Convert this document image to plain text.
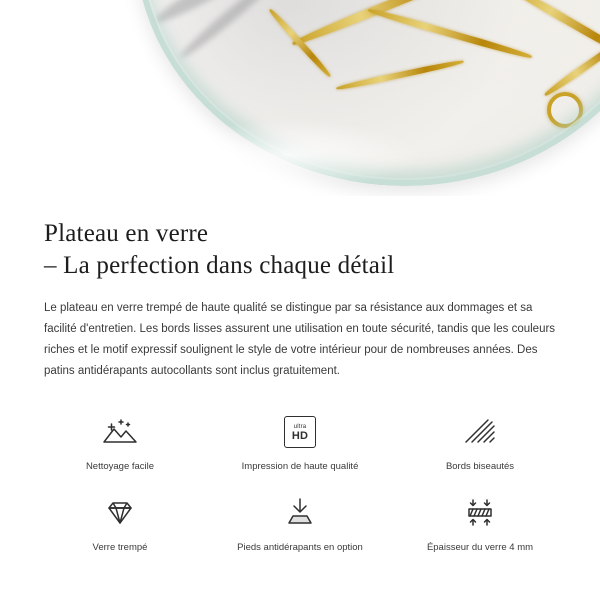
Plateau en verre
– La perfection dans chaque détail

Le plateau en verre trempé de haute qualité se distingue par sa résistance aux dommages et sa facilité d'entretien. Les bords lisses assurent une utilisation en toute sécurité, tandis que les couleurs riches et le motif expressif soulignent le style de votre intérieur pour de nombreuses années. Des patins antidérapants autocollants sont inclus gratuitement.

Nettoyage facile
ultra
HD
Impression de haute qualité	Bords biseautés
Verre trempé	Pieds antidérapants en option	Épaisseur du verre 4 mm
